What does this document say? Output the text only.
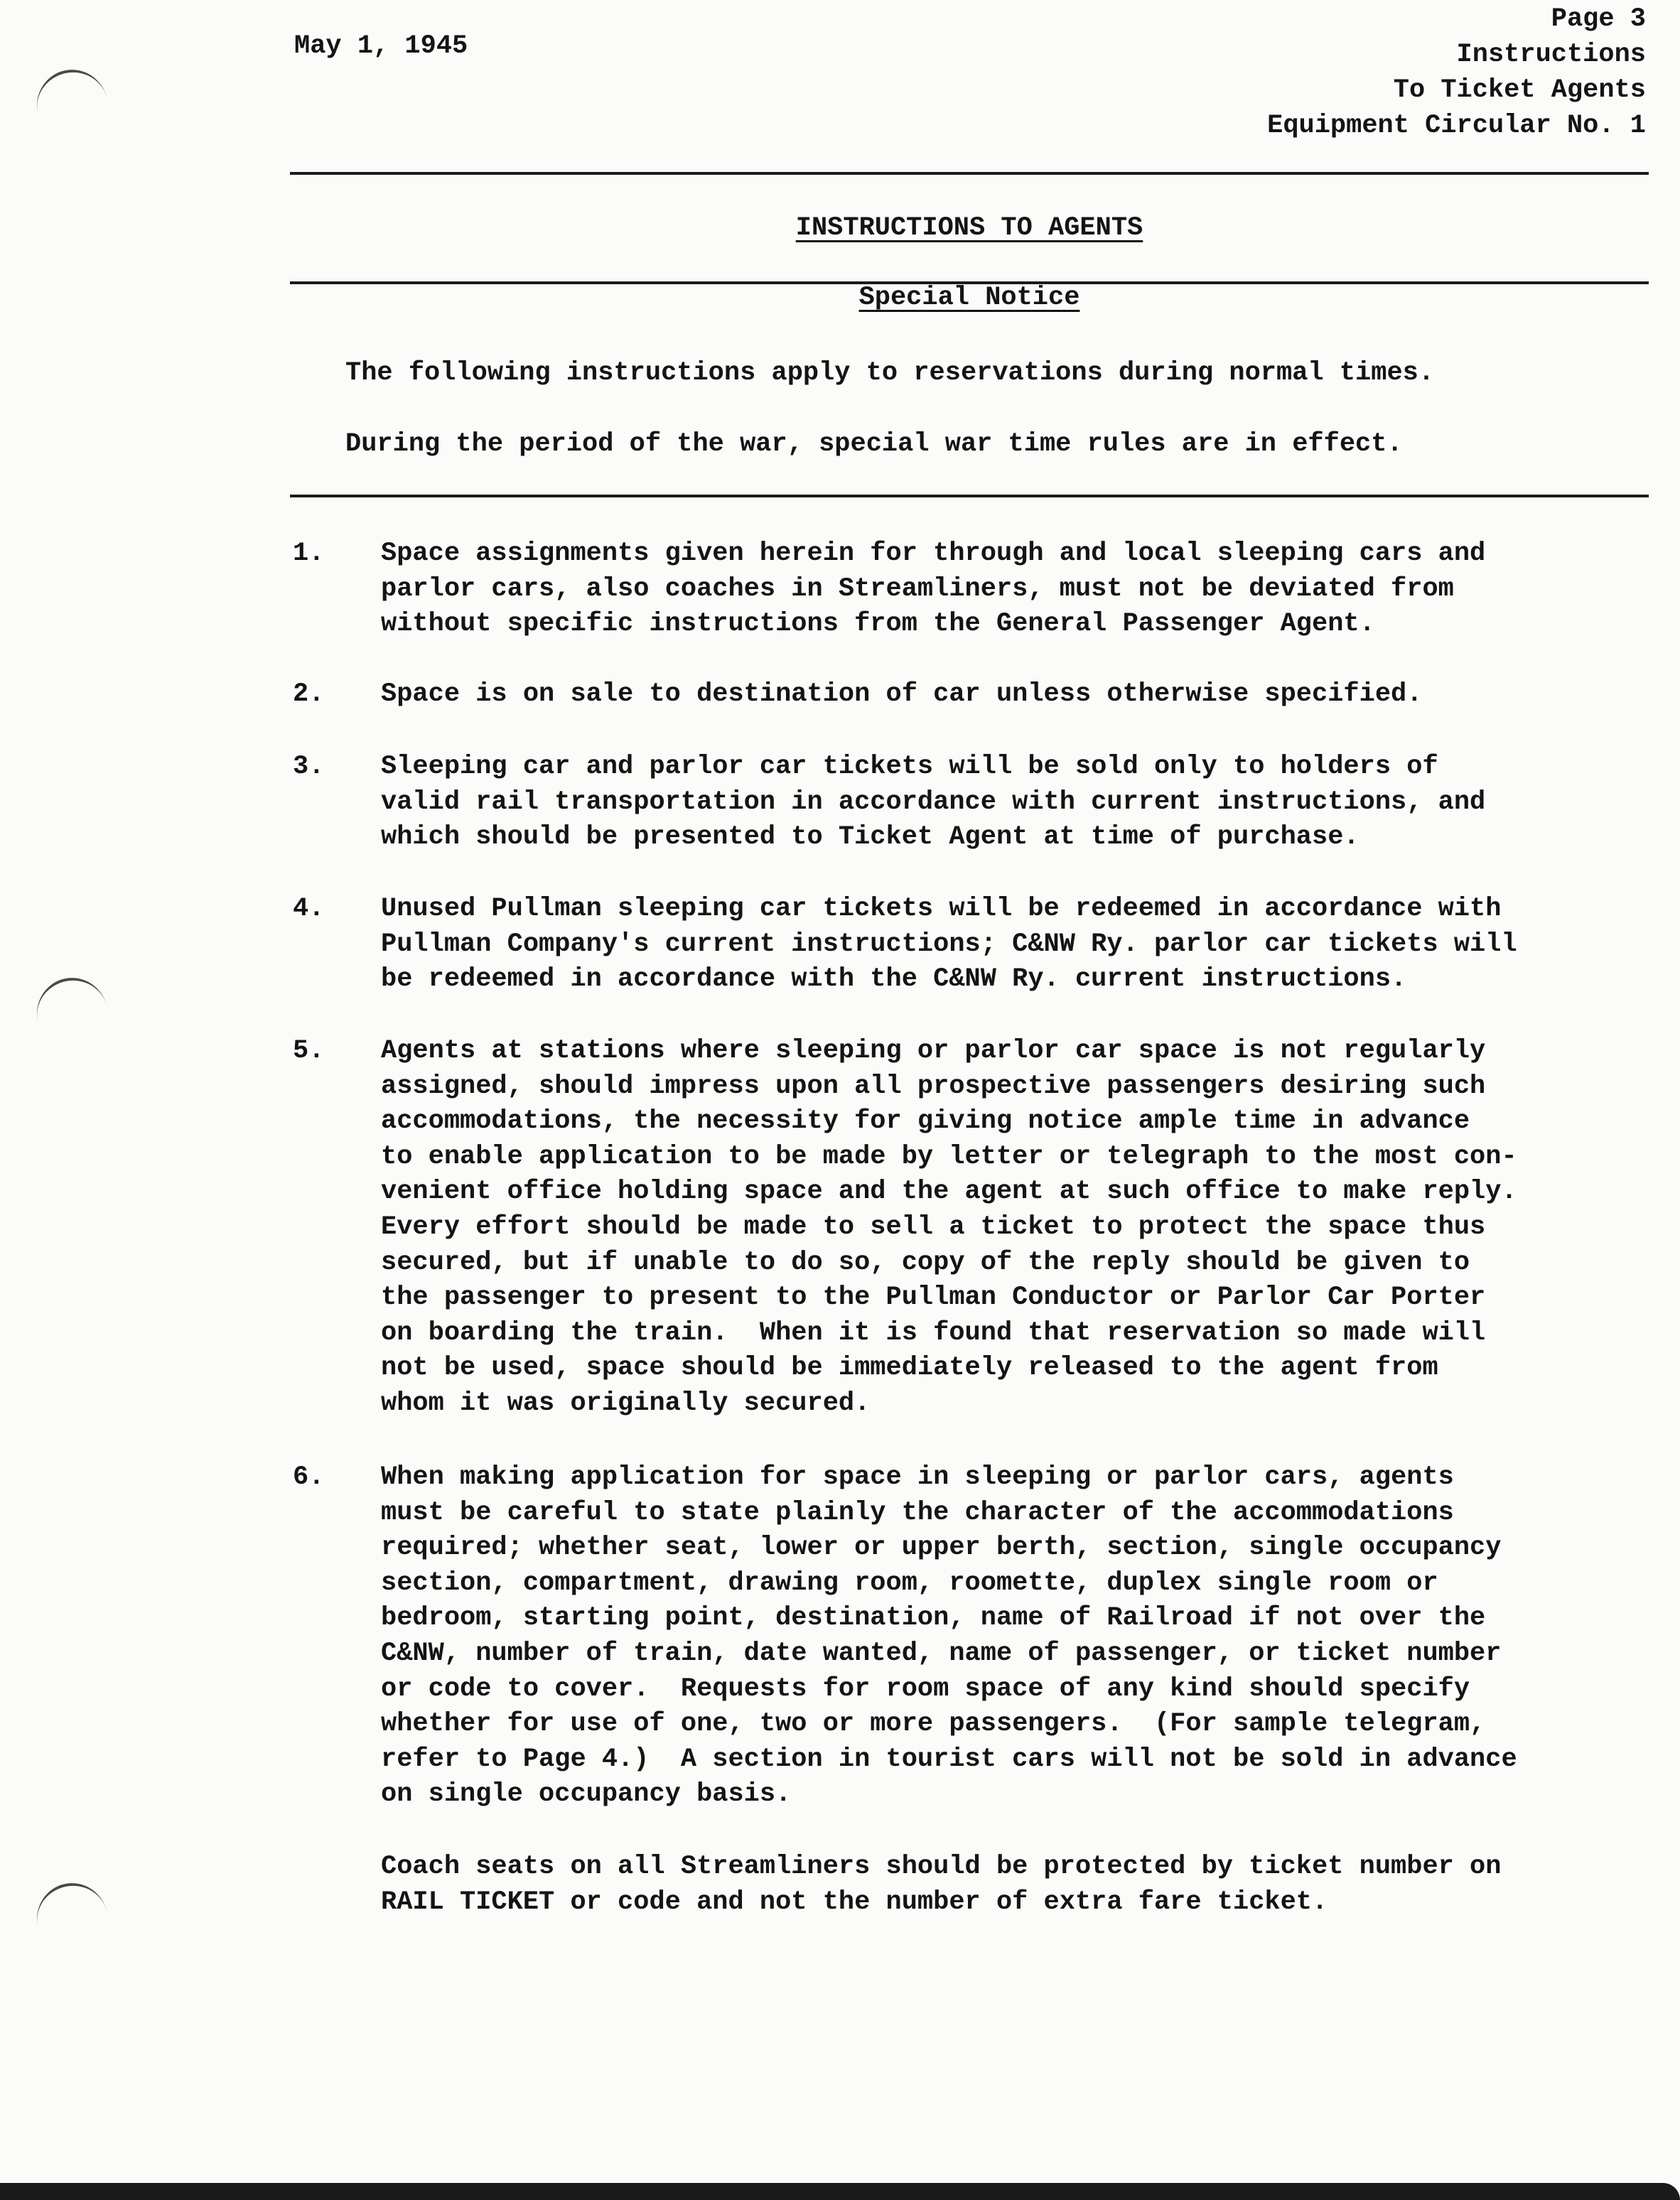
May 1, 1945
Page 3
Instructions
To Ticket Agents
Equipment Circular No. 1
INSTRUCTIONS TO AGENTS
Special Notice
The following instructions apply to reservations during normal times.
During the period of the war, special war time rules are in effect.
1. Space assignments given herein for through and local sleeping cars and
parlor cars, also coaches in Streamliners, must not be deviated from
without specific instructions from the General Passenger Agent.
2. Space is on sale to destination of car unless otherwise specified.
3. Sleeping car and parlor car tickets will be sold only to holders of
valid rail transportation in accordance with current instructions, and
which should be presented to Ticket Agent at time of purchase.
4. Unused Pullman sleeping car tickets will be redeemed in accordance with
Pullman Company's current instructions; C&NW Ry. parlor car tickets will
be redeemed in accordance with the C&NW Ry. current instructions.
5. Agents at stations where sleeping or parlor car space is not regularly
assigned, should impress upon all prospective passengers desiring such
accommodations, the necessity for giving notice ample time in advance
to enable application to be made by letter or telegraph to the most con-
venient office holding space and the agent at such office to make reply.
Every effort should be made to sell a ticket to protect the space thus
secured, but if unable to do so, copy of the reply should be given to
the passenger to present to the Pullman Conductor or Parlor Car Porter
on boarding the train.  When it is found that reservation so made will
not be used, space should be immediately released to the agent from
whom it was originally secured.
6. When making application for space in sleeping or parlor cars, agents
must be careful to state plainly the character of the accommodations
required; whether seat, lower or upper berth, section, single occupancy
section, compartment, drawing room, roomette, duplex single room or
bedroom, starting point, destination, name of Railroad if not over the
C&NW, number of train, date wanted, name of passenger, or ticket number
or code to cover.  Requests for room space of any kind should specify
whether for use of one, two or more passengers.  (For sample telegram,
refer to Page 4.)  A section in tourist cars will not be sold in advance
on single occupancy basis.
Coach seats on all Streamliners should be protected by ticket number on
RAIL TICKET or code and not the number of extra fare ticket.
